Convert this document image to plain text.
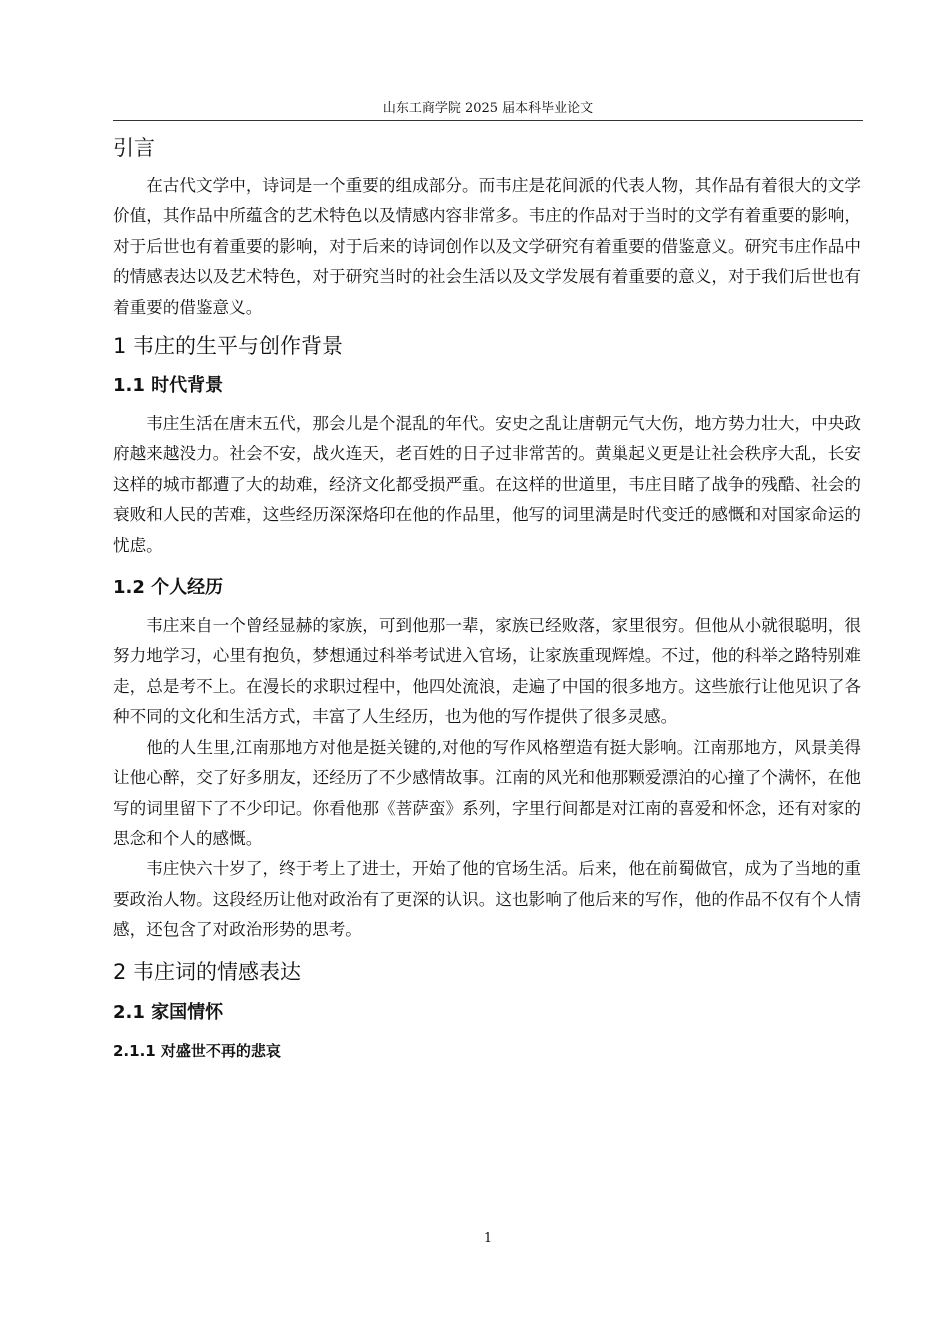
山东工商学院 2025 届本科毕业论文
引言

在古代文学中，诗词是一个重要的组成部分。而韦庄是花间派的代表人物，其作品有着很大的文学价值，其作品中所蕴含的艺术特色以及情感内容非常多。韦庄的作品对于当时的文学有着重要的影响，对于后世也有着重要的影响，对于后来的诗词创作以及文学研究有着重要的借鉴意义。研究韦庄作品中的情感表达以及艺术特色，对于研究当时的社会生活以及文学发展有着重要的意义，对于我们后世也有着重要的借鉴意义。

1 韦庄的生平与创作背景
1.1 时代背景

韦庄生活在唐末五代，那会儿是个混乱的年代。安史之乱让唐朝元气大伤，地方势力壮大，中央政府越来越没力。社会不安，战火连天，老百姓的日子过非常苦的。黄巢起义更是让社会秩序大乱，长安这样的城市都遭了大的劫难，经济文化都受损严重。在这样的世道里，韦庄目睹了战争的残酷、社会的衰败和人民的苦难，这些经历深深烙印在他的作品里，他写的词里满是时代变迁的感慨和对国家命运的忧虑。

1.2 个人经历

韦庄来自一个曾经显赫的家族，可到他那一辈，家族已经败落，家里很穷。但他从小就很聪明，很努力地学习，心里有抱负，梦想通过科举考试进入官场，让家族重现辉煌。不过，他的科举之路特别难走，总是考不上。在漫长的求职过程中，他四处流浪，走遍了中国的很多地方。这些旅行让他见识了各种不同的文化和生活方式，丰富了人生经历，也为他的写作提供了很多灵感。

他的人生里,江南那地方对他是挺关键的,对他的写作风格塑造有挺大影响。江南那地方，风景美得让他心醉，交了好多朋友，还经历了不少感情故事。江南的风光和他那颗爱漂泊的心撞了个满怀，在他写的词里留下了不少印记。你看他那《菩萨蛮》系列，字里行间都是对江南的喜爱和怀念，还有对家的思念和个人的感慨。

韦庄快六十岁了，终于考上了进士，开始了他的官场生活。后来，他在前蜀做官，成为了当地的重要政治人物。这段经历让他对政治有了更深的认识。这也影响了他后来的写作，他的作品不仅有个人情感，还包含了对政治形势的思考。

2 韦庄词的情感表达
2.1 家国情怀
2.1.1 对盛世不再的悲哀
1
